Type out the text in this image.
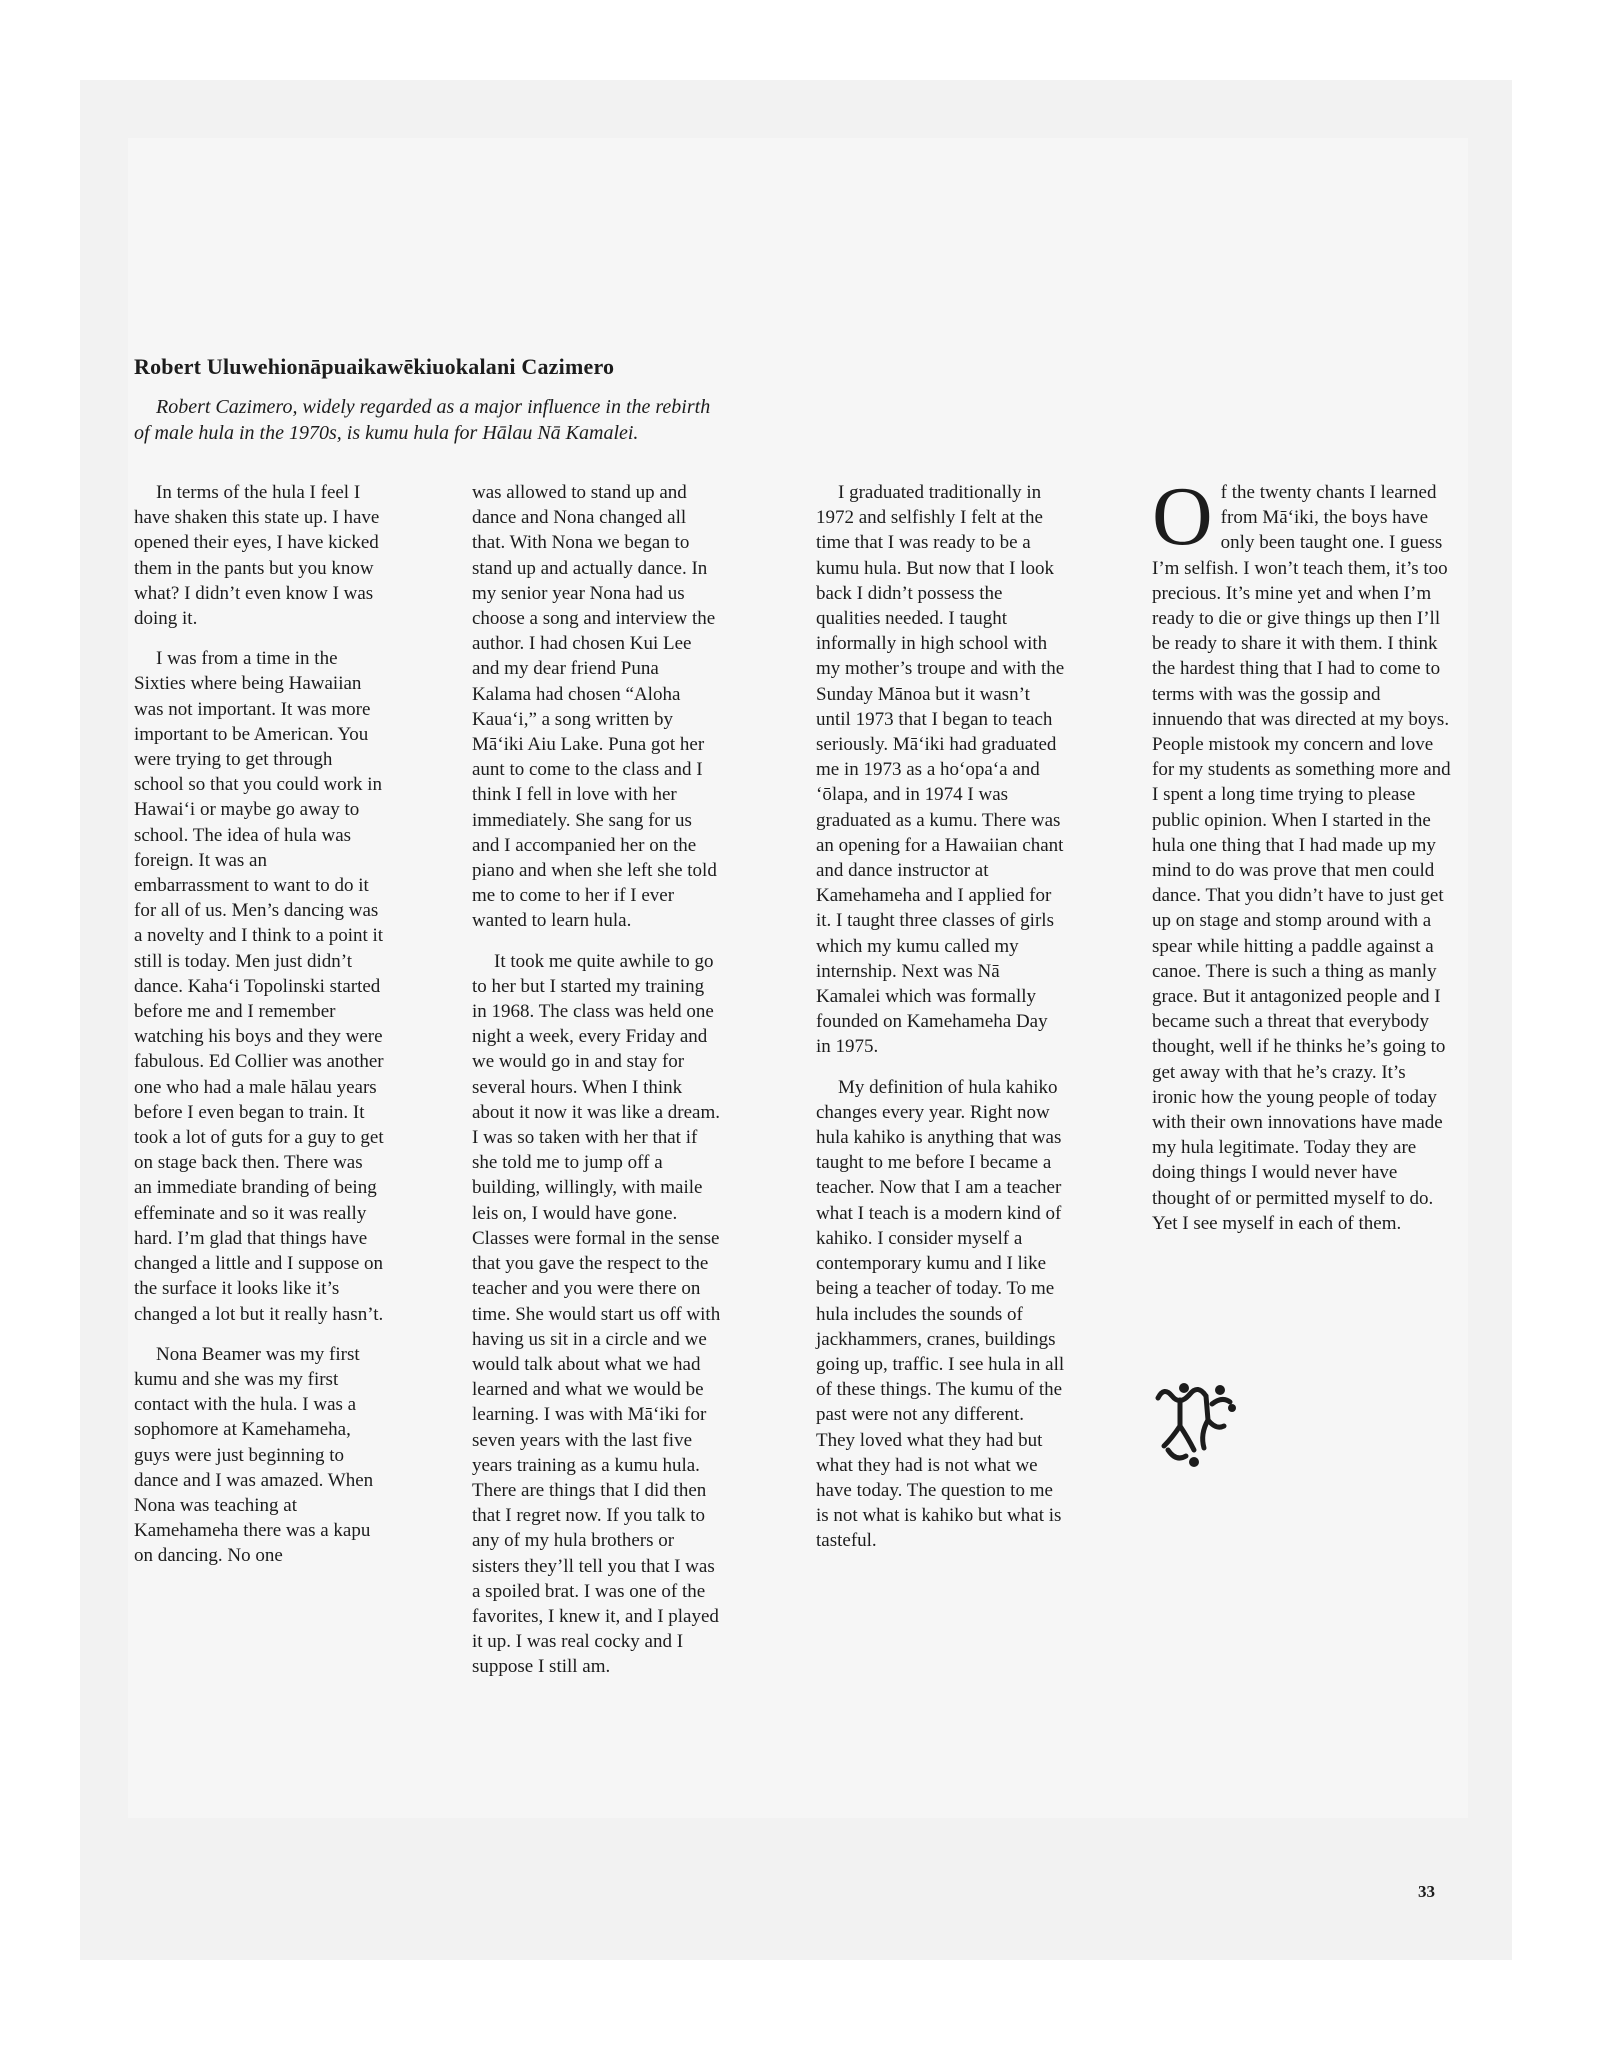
Robert Uluwehionāpuaikawēkiuokalani Cazimero

Robert Cazimero, widely regarded as a major influence in the rebirth
of male hula in the 1970s, is kumu hula for Hālau Nā Kamalei.

In terms of the hula I feel I have shaken this state up. I have opened their eyes, I have kicked them in the pants but you know what? I didn’t even know I was doing it.

I was from a time in the Sixties where being Hawaiian was not important. It was more important to be American. You were trying to get through school so that you could work in Hawaiʻi or maybe go away to school. The idea of hula was foreign. It was an embarrassment to want to do it for all of us. Men’s dancing was a novelty and I think to a point it still is today. Men just didn’t dance. Kahaʻi Topolinski started before me and I remember watching his boys and they were fabulous. Ed Collier was another one who had a male hālau years before I even began to train. It took a lot of guts for a guy to get on stage back then. There was an immediate branding of being effeminate and so it was really hard. I’m glad that things have changed a little and I suppose on the surface it looks like it’s changed a lot but it really hasn’t.

Nona Beamer was my first kumu and she was my first contact with the hula. I was a sophomore at Kamehameha, guys were just beginning to dance and I was amazed. When Nona was teaching at Kamehameha there was a kapu on dancing. No one

was allowed to stand up and dance and Nona changed all that. With Nona we began to stand up and actually dance. In my senior year Nona had us choose a song and interview the author. I had chosen Kui Lee and my dear friend Puna Kalama had chosen “Aloha Kauaʻi,” a song written by Māʻiki Aiu Lake. Puna got her aunt to come to the class and I think I fell in love with her immediately. She sang for us and I accompanied her on the piano and when she left she told me to come to her if I ever wanted to learn hula.

It took me quite awhile to go to her but I started my training in 1968. The class was held one night a week, every Friday and we would go in and stay for several hours. When I think about it now it was like a dream. I was so taken with her that if she told me to jump off a building, willingly, with maile leis on, I would have gone. Classes were formal in the sense that you gave the respect to the teacher and you were there on time. She would start us off with having us sit in a circle and we would talk about what we had learned and what we would be learning. I was with Māʻiki for seven years with the last five years training as a kumu hula. There are things that I did then that I regret now. If you talk to any of my hula brothers or sisters they’ll tell you that I was a spoiled brat. I was one of the favorites, I knew it, and I played it up. I was real cocky and I suppose I still am.

I graduated traditionally in 1972 and selfishly I felt at the time that I was ready to be a kumu hula. But now that I look back I didn’t possess the qualities needed. I taught informally in high school with my mother’s troupe and with the Sunday Mānoa but it wasn’t until 1973 that I began to teach seriously. Māʻiki had graduated me in 1973 as a hoʻopaʻa and ʻōlapa, and in 1974 I was graduated as a kumu. There was an opening for a Hawaiian chant and dance instructor at Kamehameha and I applied for it. I taught three classes of girls which my kumu called my internship. Next was Nā Kamalei which was formally founded on Kamehameha Day in 1975.

My definition of hula kahiko changes every year. Right now hula kahiko is anything that was taught to me before I became a teacher. Now that I am a teacher what I teach is a modern kind of kahiko. I consider myself a contemporary kumu and I like being a teacher of today. To me hula includes the sounds of jackhammers, cranes, buildings going up, traffic. I see hula in all of these things. The kumu of the past were not any different. They loved what they had but what they had is not what we have today. The question to me is not what is kahiko but what is tasteful.

Of the twenty chants I learned from Māʻiki, the boys have only been taught one. I guess I’m selfish. I won’t teach them, it’s too precious. It’s mine yet and when I’m ready to die or give things up then I’ll be ready to share it with them. I think the hardest thing that I had to come to terms with was the gossip and innuendo that was directed at my boys. People mistook my concern and love for my students as something more and I spent a long time trying to please public opinion. When I started in the hula one thing that I had made up my mind to do was prove that men could dance. That you didn’t have to just get up on stage and stomp around with a spear while hitting a paddle against a canoe. There is such a thing as manly grace. But it antagonized people and I became such a threat that everybody thought, well if he thinks he’s going to get away with that he’s crazy. It’s ironic how the young people of today with their own innovations have made my hula legitimate. Today they are doing things I would never have thought of or permitted myself to do. Yet I see myself in each of them.

33
